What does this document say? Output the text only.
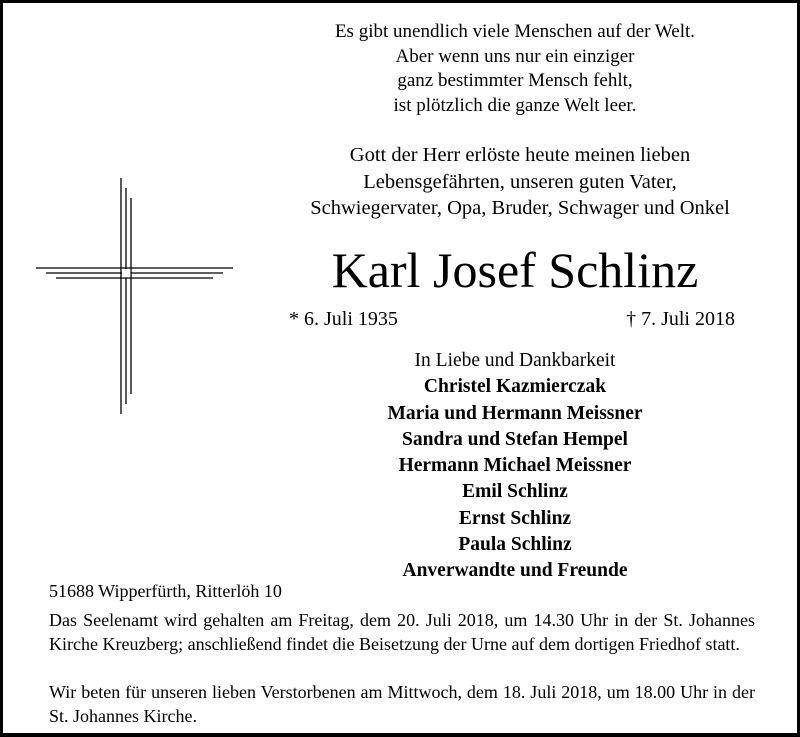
Es gibt unendlich viele Menschen auf der Welt.
Aber wenn uns nur ein einziger
ganz bestimmter Mensch fehlt,
ist plötzlich die ganze Welt leer.
Gott der Herr erlöste heute meinen lieben
Lebensgefährten, unseren guten Vater,
Schwiegervater, Opa, Bruder, Schwager und Onkel
Karl Josef Schlinz
* 6. Juli 1935	† 7. Juli 2018
In Liebe und Dankbarkeit
Christel Kazmierczak
Maria und Hermann Meissner
Sandra und Stefan Hempel
Hermann Michael Meissner
Emil Schlinz
Ernst Schlinz
Paula Schlinz
Anverwandte und Freunde
51688 Wipperfürth, Ritterlöh 10
Das Seelenamt wird gehalten am Freitag, dem 20. Juli 2018, um 14.30 Uhr in der St. Johannes Kirche Kreuzberg; anschließend findet die Beisetzung der Urne auf dem dortigen Friedhof statt.
Wir beten für unseren lieben Verstorbenen am Mittwoch, dem 18. Juli 2018, um 18.00 Uhr in der St. Johannes Kirche.
